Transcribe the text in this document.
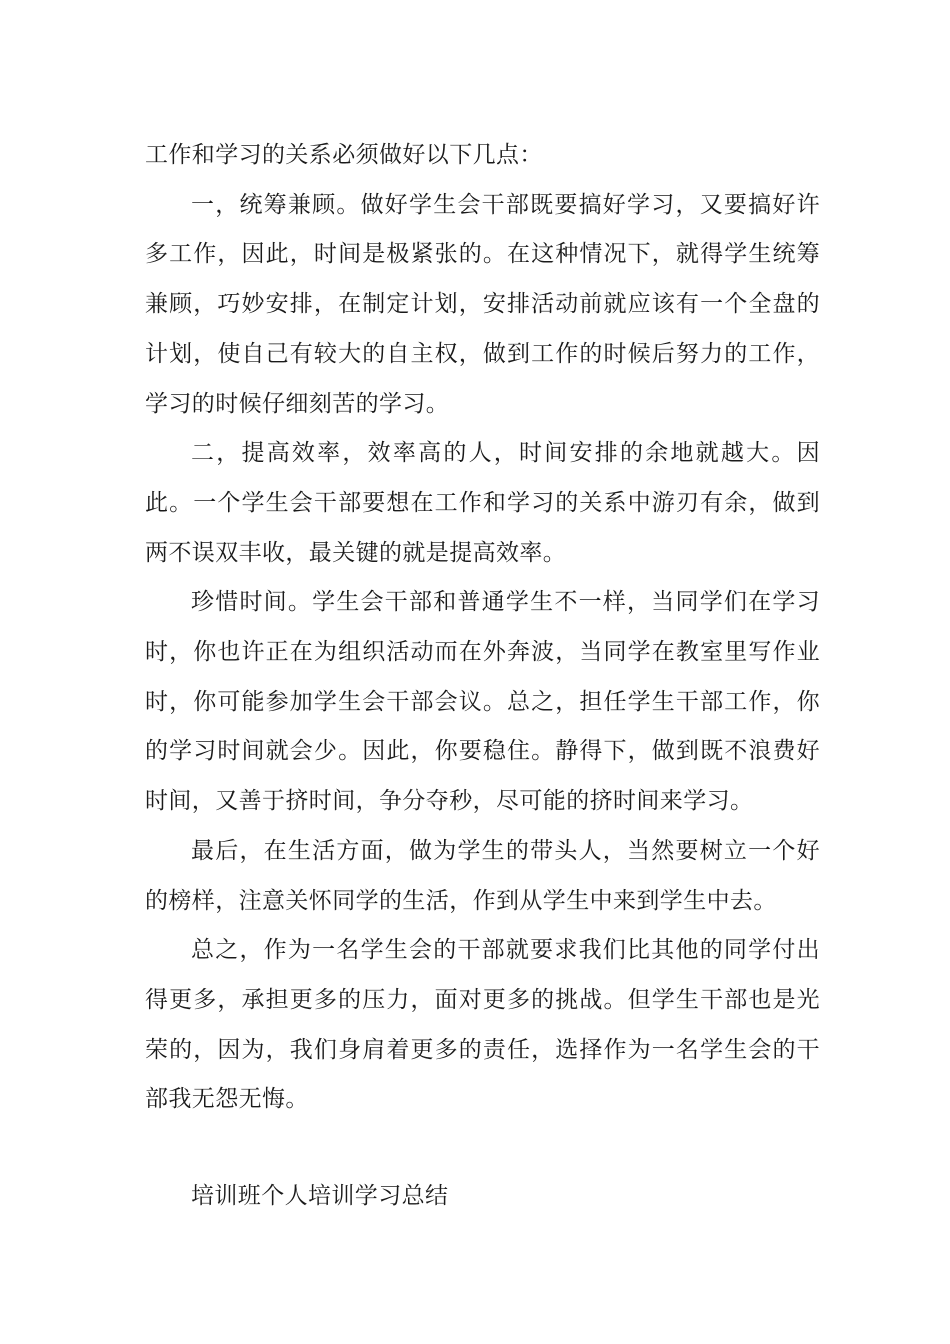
工作和学习的关系必须做好以下几点：

一，统筹兼顾。做好学生会干部既要搞好学习，又要搞好许多工作，因此，时间是极紧张的。在这种情况下，就得学生统筹兼顾，巧妙安排，在制定计划，安排活动前就应该有一个全盘的计划，使自己有较大的自主权，做到工作的时候后努力的工作，学习的时候仔细刻苦的学习。

二，提高效率，效率高的人，时间安排的余地就越大。因此。一个学生会干部要想在工作和学习的关系中游刃有余，做到两不误双丰收，最关键的就是提高效率。

珍惜时间。学生会干部和普通学生不一样，当同学们在学习时，你也许正在为组织活动而在外奔波，当同学在教室里写作业时，你可能参加学生会干部会议。总之，担任学生干部工作，你的学习时间就会少。因此，你要稳住。静得下，做到既不浪费好时间，又善于挤时间，争分夺秒，尽可能的挤时间来学习。

最后，在生活方面，做为学生的带头人，当然要树立一个好的榜样，注意关怀同学的生活，作到从学生中来到学生中去。

总之，作为一名学生会的干部就要求我们比其他的同学付出得更多，承担更多的压力，面对更多的挑战。但学生干部也是光荣的，因为，我们身肩着更多的责任，选择作为一名学生会的干部我无怨无悔。

培训班个人培训学习总结
